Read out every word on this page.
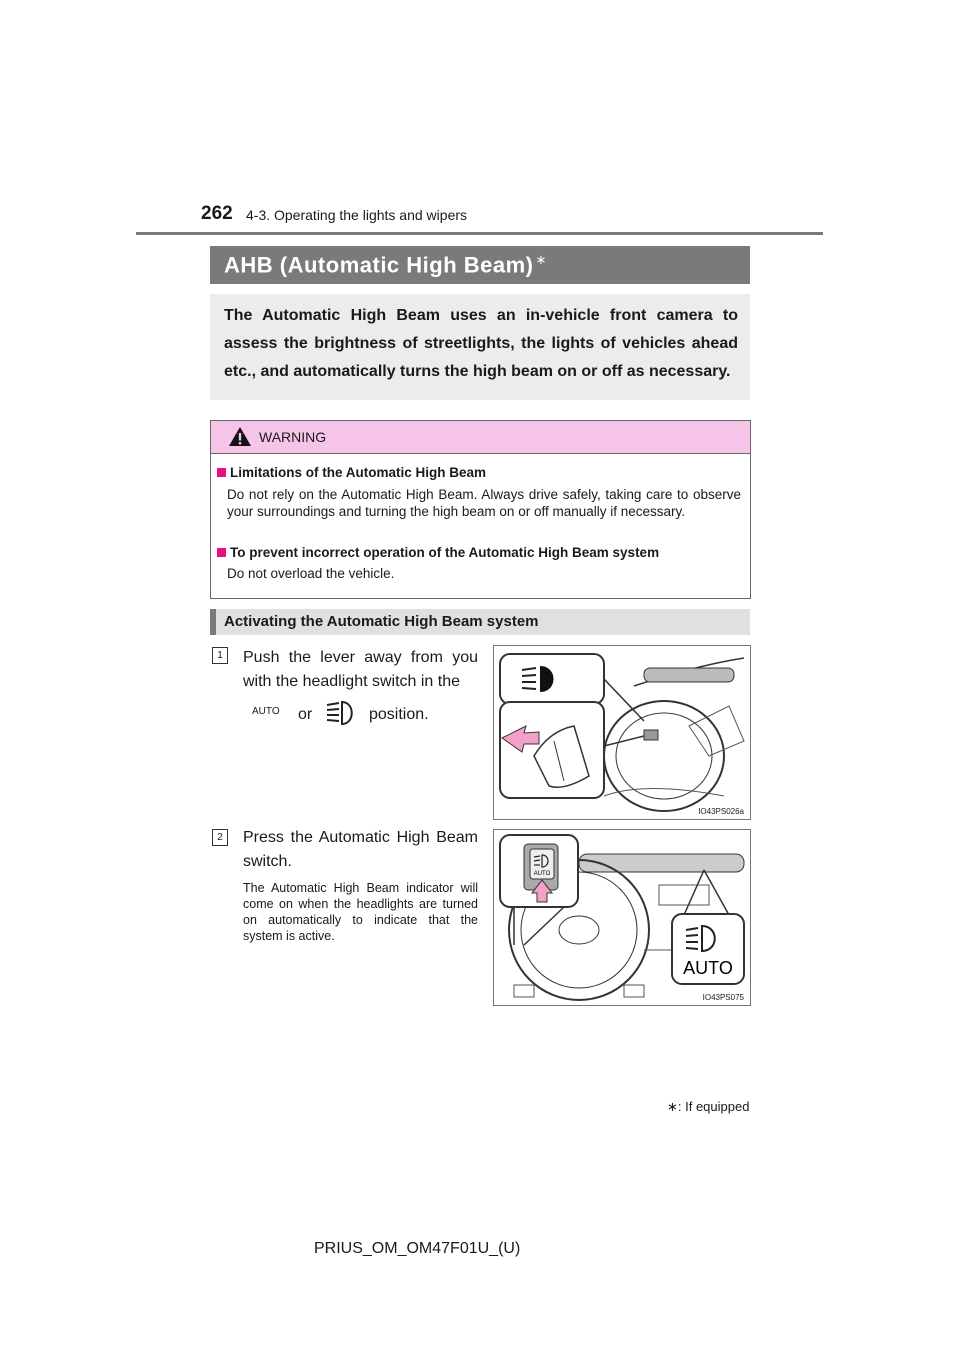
262 4-3. Operating the lights and wipers
AHB (Automatic High Beam) ∗
The Automatic High Beam uses an in-vehicle front camera to assess the brightness of streetlights, the lights of vehicles ahead etc., and automatically turns the high beam on or off as necessary.
WARNING
Limitations of the Automatic High Beam
Do not rely on the Automatic High Beam. Always drive safely, taking care to observe your surroundings and turning the high beam on or off manually if necessary.
To prevent incorrect operation of the Automatic High Beam system
Do not overload the vehicle.
Activating the Automatic High Beam system
1	Push the lever away from you with the headlight switch in the
AUTO or	position.
IO43PS026a
2	Press the Automatic High Beam switch.
The Automatic High Beam indicator will come on when the headlights are turned on automatically to indicate that the system is active.
AUTO
AUTO
IO43PS075
∗: If equipped
PRIUS_OM_OM47F01U_(U)
